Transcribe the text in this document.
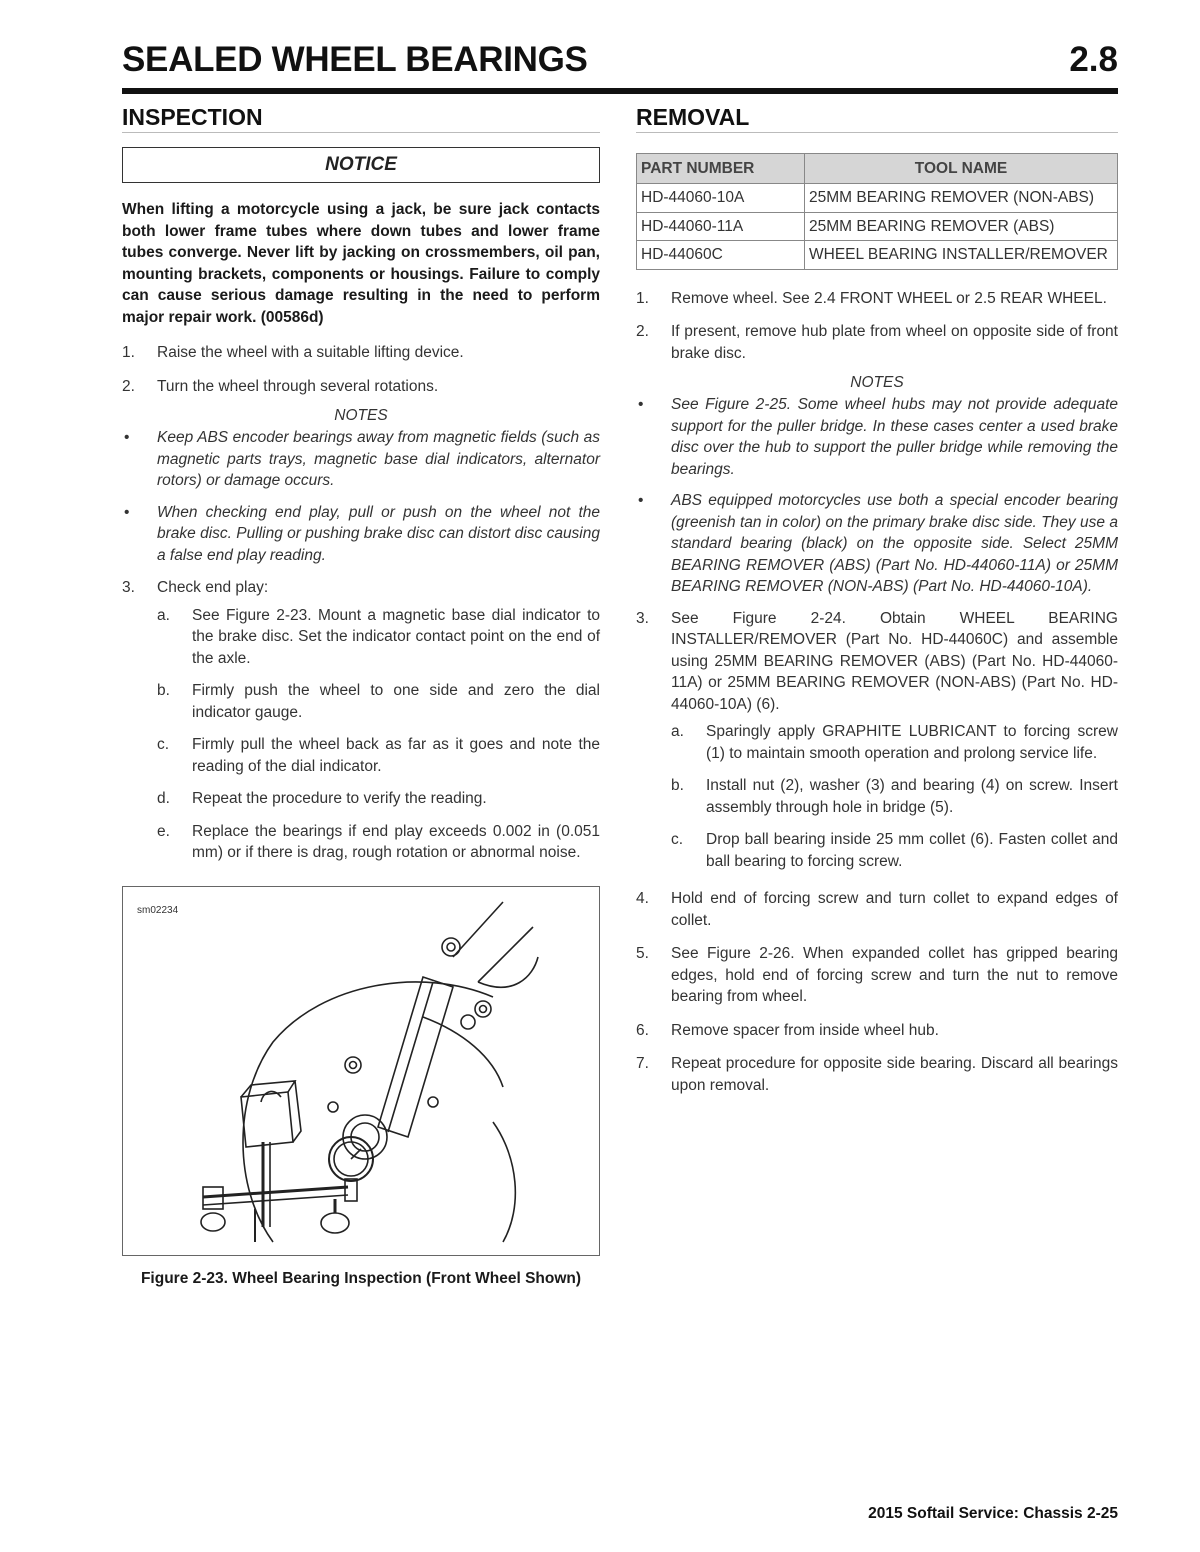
SEALED WHEEL BEARINGS	2.8
INSPECTION
NOTICE
When lifting a motorcycle using a jack, be sure jack contacts both lower frame tubes where down tubes and lower frame tubes converge. Never lift by jacking on crossmembers, oil pan, mounting brackets, components or housings. Failure to comply can cause serious damage resulting in the need to perform major repair work. (00586d)
1. Raise the wheel with a suitable lifting device.
2. Turn the wheel through several rotations.
NOTES
• Keep ABS encoder bearings away from magnetic fields (such as magnetic parts trays, magnetic base dial indicators, alternator rotors) or damage occurs.
• When checking end play, pull or push on the wheel not the brake disc. Pulling or pushing brake disc can distort disc causing a false end play reading.
3. Check end play:
a. See Figure 2-23. Mount a magnetic base dial indicator to the brake disc. Set the indicator contact point on the end of the axle.
b. Firmly push the wheel to one side and zero the dial indicator gauge.
c. Firmly pull the wheel back as far as it goes and note the reading of the dial indicator.
d. Repeat the procedure to verify the reading.
e. Replace the bearings if end play exceeds 0.002 in (0.051 mm) or if there is drag, rough rotation or abnormal noise.
sm02234
Figure 2-23. Wheel Bearing Inspection (Front Wheel Shown)
REMOVAL
PART NUMBER	TOOL NAME
HD-44060-10A	25MM BEARING REMOVER (NON-ABS)
HD-44060-11A	25MM BEARING REMOVER (ABS)
HD-44060C	WHEEL BEARING INSTALLER/REMOVER
1. Remove wheel. See 2.4 FRONT WHEEL or 2.5 REAR WHEEL.
2. If present, remove hub plate from wheel on opposite side of front brake disc.
NOTES
• See Figure 2-25. Some wheel hubs may not provide adequate support for the puller bridge. In these cases center a used brake disc over the hub to support the puller bridge while removing the bearings.
• ABS equipped motorcycles use both a special encoder bearing (greenish tan in color) on the primary brake disc side. They use a standard bearing (black) on the opposite side. Select 25MM BEARING REMOVER (ABS) (Part No. HD-44060-11A) or 25MM BEARING REMOVER (NON-ABS) (Part No. HD-44060-10A).
3. See Figure 2-24. Obtain WHEEL BEARING INSTALLER/REMOVER (Part No. HD-44060C) and assemble using 25MM BEARING REMOVER (ABS) (Part No. HD-44060-11A) or 25MM BEARING REMOVER (NON-ABS) (Part No. HD-44060-10A) (6).
a. Sparingly apply GRAPHITE LUBRICANT to forcing screw (1) to maintain smooth operation and prolong service life.
b. Install nut (2), washer (3) and bearing (4) on screw. Insert assembly through hole in bridge (5).
c. Drop ball bearing inside 25 mm collet (6). Fasten collet and ball bearing to forcing screw.
4. Hold end of forcing screw and turn collet to expand edges of collet.
5. See Figure 2-26. When expanded collet has gripped bearing edges, hold end of forcing screw and turn the nut to remove bearing from wheel.
6. Remove spacer from inside wheel hub.
7. Repeat procedure for opposite side bearing. Discard all bearings upon removal.
2015 Softail Service: Chassis 2-25
